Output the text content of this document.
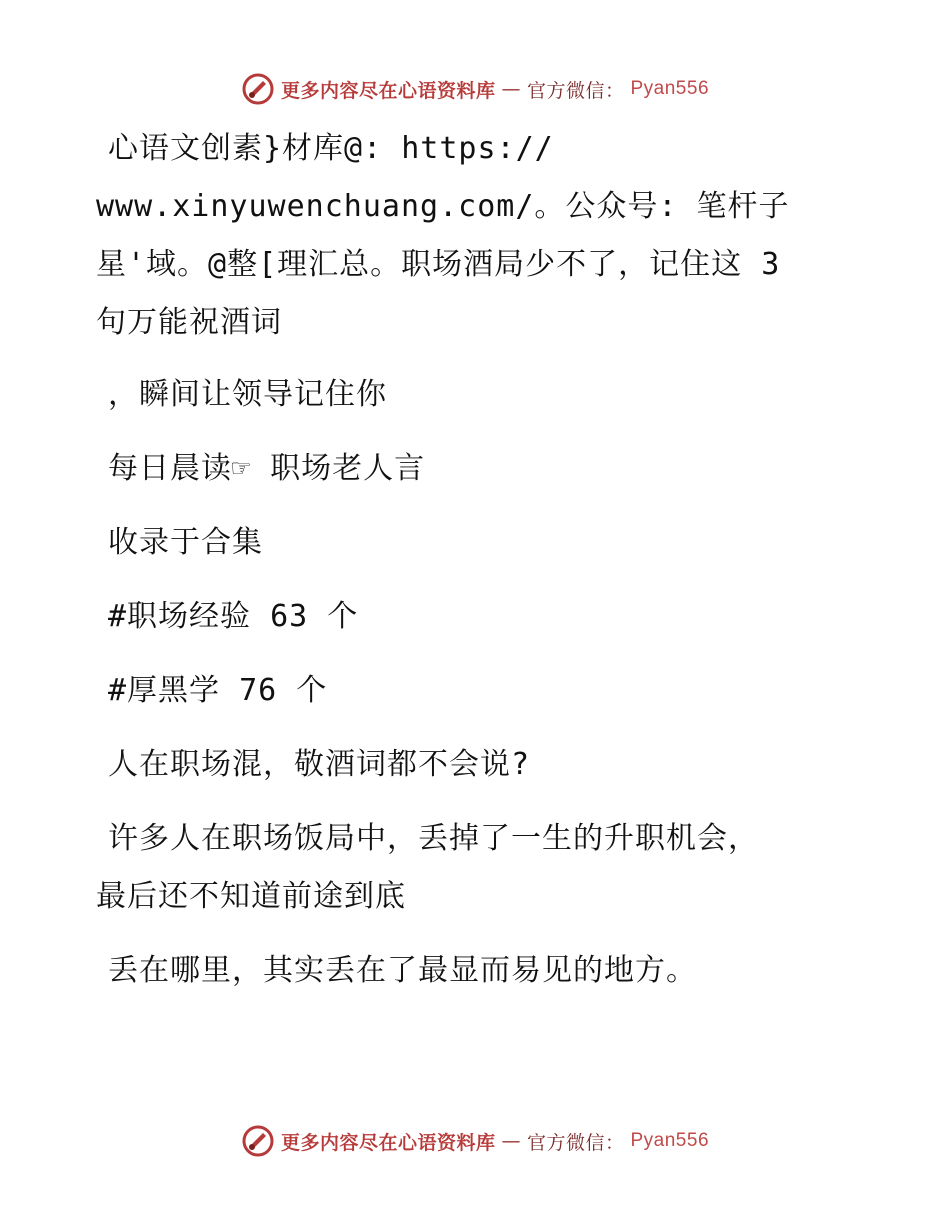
更多内容尽在心语资料库 — 官方微信： Pyan556

心语文创素}材库@: https://

www.xinyuwenchuang.com/。公众号: 笔杆子
星'域。@整[理汇总。职场酒局少不了，记住这 3
句万能祝酒词

，瞬间让领导记住你

每日晨读☞ 职场老人言

收录于合集

#职场经验 63 个

#厚黑学 76 个

人在职场混，敬酒词都不会说?

许多人在职场饭局中，丢掉了一生的升职机会，

最后还不知道前途到底

丢在哪里，其实丢在了最显而易见的地方。

更多内容尽在心语资料库 — 官方微信： Pyan556
